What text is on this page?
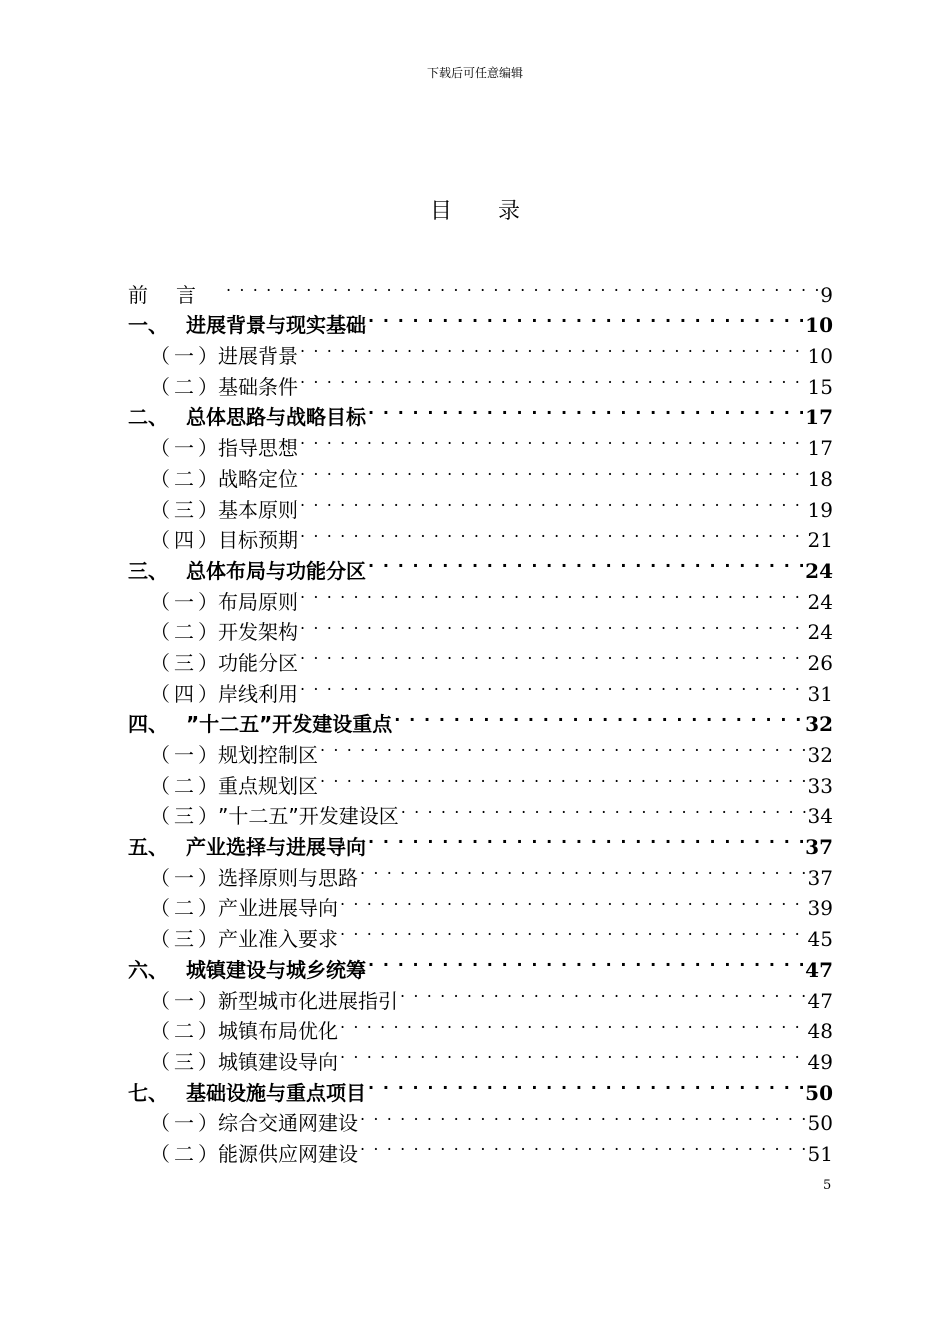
下载后可任意编辑
目录
前言 . . .	9
一、 进展背景与现实基础 . . .	10
（一）
进展背景 . . .	10
（二）
基础条件 . . .	15
二、 总体思路与战略目标 . . .	17
（一）
指导思想 . . .	17
（二）
战略定位 . . .	18
（三）
基本原则 . . .	19
（四）
目标预期 . . .	21
三、 总体布局与功能分区 . . .	24
（一）
布局原则 . . .	24
（二）
开发架构 . . .	24
（三）
功能分区 . . .	26
（四）
岸线利用 . . .	31
四、 ”十二五”开发建设重点 . . .	32
（一）
规划控制区 . . .	32
（二）
重点规划区 . . .	33
（三）
”十二五”开发建设区 . . .	34
五、 产业选择与进展导向 . . .	37
（一）
选择原则与思路 . . .	37
（二）
产业进展导向 . . .	39
（三）
产业准入要求 . . .	45
六、 城镇建设与城乡统筹 . . .	47
（一）
新型城市化进展指引 . . .	47
（二）
城镇布局优化 . . .	48
（三）
城镇建设导向 . . .	49
七、 基础设施与重点项目 . . .	50
（一）
综合交通网建设 . . .	50
（二）
能源供应网建设 . . .	51
5
